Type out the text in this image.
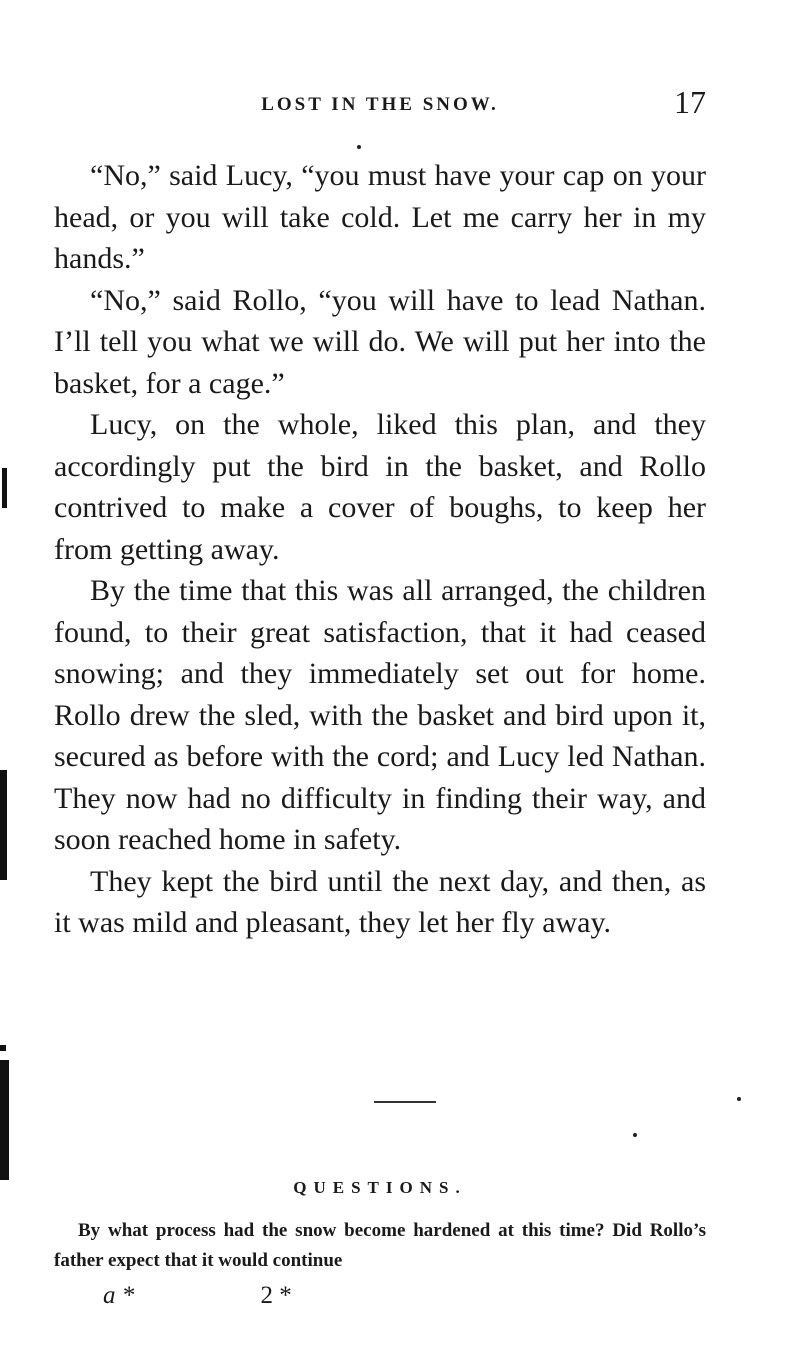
LOST IN THE SNOW.	17

“No,” said Lucy, “you must have your cap on your head, or you will take cold. Let me carry her in my hands.”

“No,” said Rollo, “you will have to lead Nathan. I’ll tell you what we will do. We will put her into the basket, for a cage.”

Lucy, on the whole, liked this plan, and they accordingly put the bird in the basket, and Rollo contrived to make a cover of boughs, to keep her from getting away.

By the time that this was all arranged, the children found, to their great satisfaction, that it had ceased snowing; and they immediately set out for home. Rollo drew the sled, with the basket and bird upon it, secured as before with the cord; and Lucy led Nathan. They now had no difficulty in finding their way, and soon reached home in safety.

They kept the bird until the next day, and then, as it was mild and pleasant, they let her fly away.

QUESTIONS.

By what process had the snow become hardened at this time? Did Rollo’s father expect that it would continue

a *	2 *
